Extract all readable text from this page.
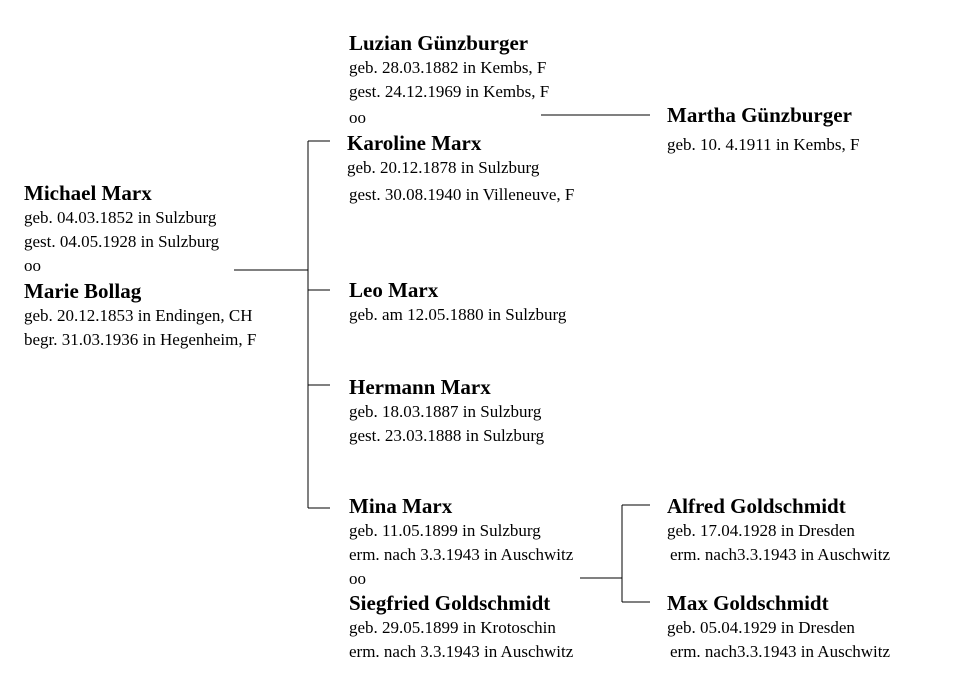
Michael Marx
geb. 04.03.1852 in Sulzburg
gest. 04.05.1928 in Sulzburg
oo
Marie Bollag
geb. 20.12.1853 in Endingen, CH
begr. 31.03.1936 in Hegenheim, F
Luzian Günzburger
geb. 28.03.1882 in Kembs, F
gest. 24.12.1969 in Kembs, F
oo
Karoline Marx
geb. 20.12.1878 in Sulzburg
gest. 30.08.1940 in Villeneuve, F
Martha Günzburger
geb. 10. 4.1911 in Kembs, F
Leo Marx
geb. am 12.05.1880 in Sulzburg
Hermann Marx
geb. 18.03.1887 in Sulzburg
gest. 23.03.1888 in Sulzburg
Mina Marx
geb. 11.05.1899 in Sulzburg
erm. nach 3.3.1943 in Auschwitz
oo
Siegfried Goldschmidt
geb. 29.05.1899 in Krotoschin
erm. nach 3.3.1943 in Auschwitz
Alfred Goldschmidt
geb. 17.04.1928 in Dresden
erm. nach3.3.1943 in Auschwitz
Max Goldschmidt
geb. 05.04.1929 in Dresden
erm. nach3.3.1943 in Auschwitz
